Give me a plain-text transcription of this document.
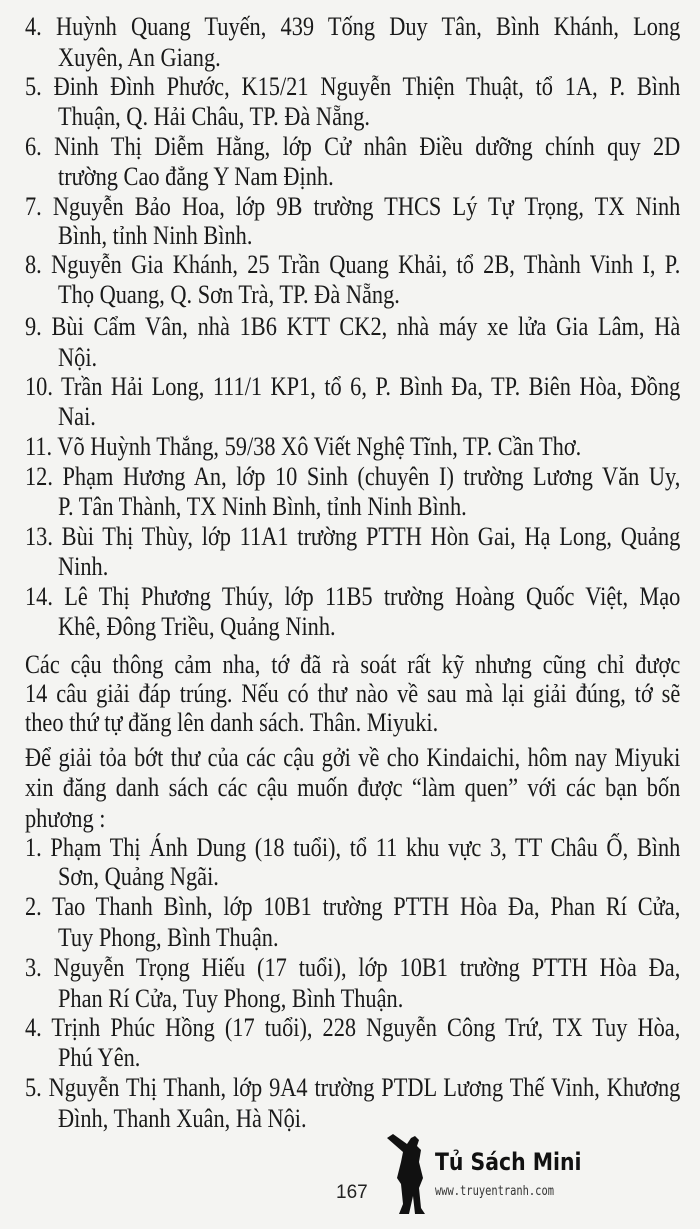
4. Huỳnh Quang Tuyến, 439 Tống Duy Tân, Bình Khánh, Long
Xuyên, An Giang.
5. Đinh Đình Phước, K15/21 Nguyễn Thiện Thuật, tổ 1A, P. Bình
Thuận, Q. Hải Châu, TP. Đà Nẵng.
6. Ninh Thị Diễm Hằng, lớp Cử nhân Điều dưỡng chính quy 2D
trường Cao đẳng Y Nam Định.
7. Nguyễn Bảo Hoa, lớp 9B trường THCS Lý Tự Trọng, TX Ninh
Bình, tỉnh Ninh Bình.
8. Nguyễn Gia Khánh, 25 Trần Quang Khải, tổ 2B, Thành Vinh I, P.
Thọ Quang, Q. Sơn Trà, TP. Đà Nẵng.
9. Bùi Cẩm Vân, nhà 1B6 KTT CK2, nhà máy xe lửa Gia Lâm, Hà
Nội.
10. Trần Hải Long, 111/1 KP1, tổ 6, P. Bình Đa, TP. Biên Hòa, Đồng
Nai.
11. Võ Huỳnh Thắng, 59/38 Xô Viết Nghệ Tĩnh, TP. Cần Thơ.
12. Phạm Hương An, lớp 10 Sinh (chuyên I) trường Lương Văn Uy,
P. Tân Thành, TX Ninh Bình, tỉnh Ninh Bình.
13. Bùi Thị Thùy, lớp 11A1 trường PTTH Hòn Gai, Hạ Long, Quảng
Ninh.
14. Lê Thị Phương Thúy, lớp 11B5 trường Hoàng Quốc Việt, Mạo
Khê, Đông Triều, Quảng Ninh.
Các cậu thông cảm nha, tớ đã rà soát rất kỹ nhưng cũng chỉ được
14 câu giải đáp trúng. Nếu có thư nào về sau mà lại giải đúng, tớ sẽ
theo thứ tự đăng lên danh sách. Thân. Miyuki.
Để giải tỏa bớt thư của các cậu gởi về cho Kindaichi, hôm nay Miyuki
xin đăng danh sách các cậu muốn được “làm quen” với các bạn bốn
phương :
1. Phạm Thị Ánh Dung (18 tuổi), tổ 11 khu vực 3, TT Châu Ổ, Bình
Sơn, Quảng Ngãi.
2. Tao Thanh Bình, lớp 10B1 trường PTTH Hòa Đa, Phan Rí Cửa,
Tuy Phong, Bình Thuận.
3. Nguyễn Trọng Hiếu (17 tuổi), lớp 10B1 trường PTTH Hòa Đa,
Phan Rí Cửa, Tuy Phong, Bình Thuận.
4. Trịnh Phúc Hồng (17 tuổi), 228 Nguyễn Công Trứ, TX Tuy Hòa,
Phú Yên.
5. Nguyễn Thị Thanh, lớp 9A4 trường PTDL Lương Thế Vinh, Khương
Đình, Thanh Xuân, Hà Nội.
167
Tủ Sách Mini
www.truyentranh.com
